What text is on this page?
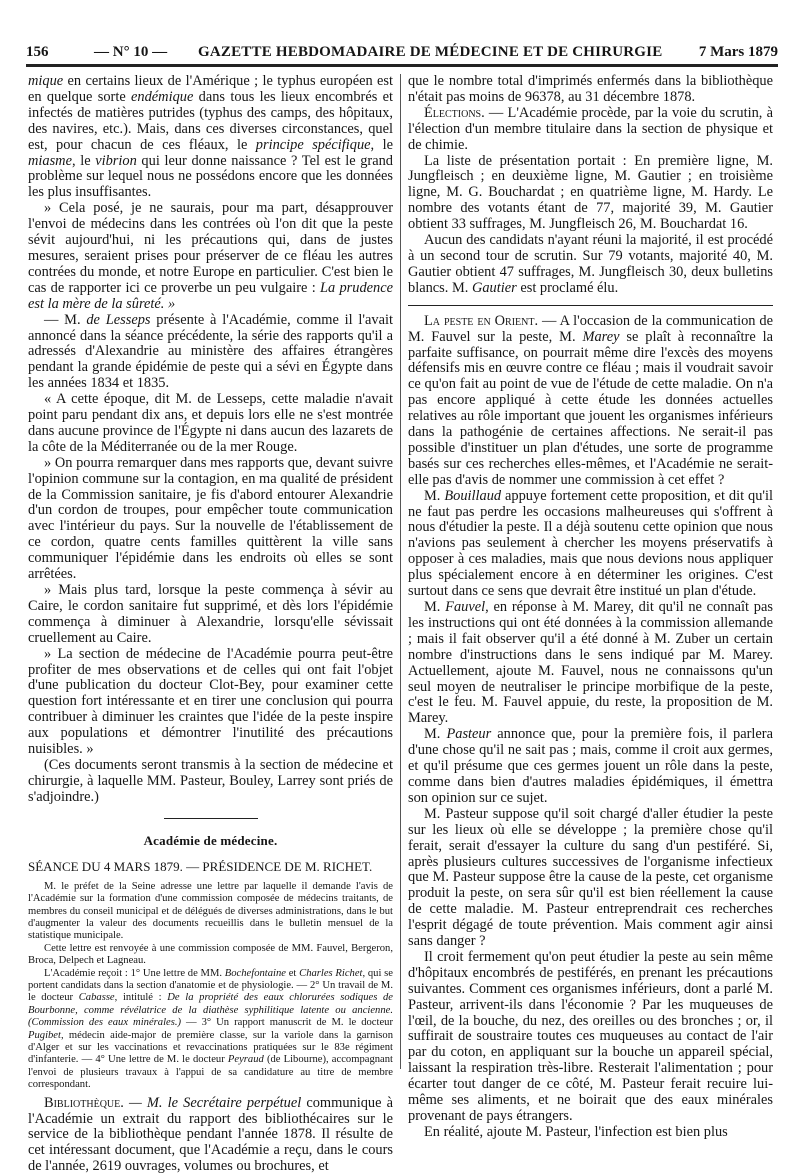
156	— N° 10 — GAZETTE HEBDOMADAIRE DE MÉDECINE ET DE CHIRURGIE 7 Mars 1879

mique en certains lieux de l'Amérique ; le typhus européen est en quelque sorte endémique dans tous les lieux encombrés et infectés de matières putrides (typhus des camps, des hôpitaux, des navires, etc.). Mais, dans ces diverses circonstances, quel est, pour chacun de ces fléaux, le principe spécifique, le miasme, le vibrion qui leur donne naissance ? Tel est le grand problème sur lequel nous ne possédons encore que les données les plus insuffisantes.

» Cela posé, je ne saurais, pour ma part, désapprouver l'envoi de médecins dans les contrées où l'on dit que la peste sévit aujourd'hui, ni les précautions qui, dans de justes mesures, seraient prises pour préserver de ce fléau les autres contrées du monde, et notre Europe en particulier. C'est bien le cas de rapporter ici ce proverbe un peu vulgaire : La prudence est la mère de la sûreté. »

— M. de Lesseps présente à l'Académie, comme il l'avait annoncé dans la séance précédente, la série des rapports qu'il a adressés d'Alexandrie au ministère des affaires étrangères pendant la grande épidémie de peste qui a sévi en Égypte dans les années 1834 et 1835.

« A cette époque, dit M. de Lesseps, cette maladie n'avait point paru pendant dix ans, et depuis lors elle ne s'est montrée dans aucune province de l'Égypte ni dans aucun des lazarets de la côte de la Méditerranée ou de la mer Rouge.

» On pourra remarquer dans mes rapports que, devant suivre l'opinion commune sur la contagion, en ma qualité de président de la Commission sanitaire, je fis d'abord entourer Alexandrie d'un cordon de troupes, pour empêcher toute communication avec l'intérieur du pays. Sur la nouvelle de l'établissement de ce cordon, quatre cents familles quittèrent la ville sans communiquer l'épidémie dans les endroits où elles se sont arrêtées.

» Mais plus tard, lorsque la peste commença à sévir au Caire, le cordon sanitaire fut supprimé, et dès lors l'épidémie commença à diminuer à Alexandrie, lorsqu'elle sévissait cruellement au Caire.

» La section de médecine de l'Académie pourra peut-être profiter de mes observations et de celles qui ont fait l'objet d'une publication du docteur Clot-Bey, pour examiner cette question fort intéressante et en tirer une conclusion qui pourra contribuer à diminuer les craintes que l'idée de la peste inspire aux populations et démontrer l'inutilité des précautions nuisibles. »

(Ces documents seront transmis à la section de médecine et chirurgie, à laquelle MM. Pasteur, Bouley, Larrey sont priés de s'adjoindre.)

Académie de médecine.

SÉANCE DU 4 MARS 1879. — PRÉSIDENCE DE M. RICHET.

M. le préfet de la Seine adresse une lettre par laquelle il demande l'avis de l'Académie sur la formation d'une commission composée de médecins traitants, de membres du conseil municipal et de délégués de diverses administrations, dans le but d'augmenter la valeur des documents recueillis dans le bulletin mensuel de la statistique municipale.

Cette lettre est renvoyée à une commission composée de MM. Fauvel, Bergeron, Broca, Delpech et Lagneau.

L'Académie reçoit : 1° Une lettre de MM. Bochefontaine et Charles Richet, qui se portent candidats dans la section d'anatomie et de physiologie. — 2° Un travail de M. le docteur Cabasse, intitulé : De la propriété des eaux chlorurées sodiques de Bourbonne, comme révélatrice de la diathèse syphilitique latente ou ancienne. (Commission des eaux minérales.) — 3° Un rapport manuscrit de M. le docteur Pugibet, médecin aide-major de première classe, sur la variole dans la garnison d'Alger et sur les vaccinations et revaccinations pratiquées sur le 83e régiment d'infanterie. — 4° Une lettre de M. le docteur Peyraud (de Libourne), accompagnant l'envoi de plusieurs travaux à l'appui de sa candidature au titre de membre correspondant.

Bibliothèque. — M. le Secrétaire perpétuel communique à l'Académie un extrait du rapport des bibliothécaires sur le service de la bibliothèque pendant l'année 1878. Il résulte de cet intéressant document, que l'Académie a reçu, dans le cours de l'année, 2619 ouvrages, volumes ou brochures, et

que le nombre total d'imprimés enfermés dans la bibliothèque n'était pas moins de 96378, au 31 décembre 1878.

Élections. — L'Académie procède, par la voie du scrutin, à l'élection d'un membre titulaire dans la section de physique et de chimie.

La liste de présentation portait : En première ligne, M. Jungfleisch ; en deuxième ligne, M. Gautier ; en troisième ligne, M. G. Bouchardat ; en quatrième ligne, M. Hardy. Le nombre des votants étant de 77, majorité 39, M. Gautier obtient 33 suffrages, M. Jungfleisch 26, M. Bouchardat 16.

Aucun des candidats n'ayant réuni la majorité, il est procédé à un second tour de scrutin. Sur 79 votants, majorité 40, M. Gautier obtient 47 suffrages, M. Jungfleisch 30, deux bulletins blancs. M. Gautier est proclamé élu.

La peste en Orient. — A l'occasion de la communication de M. Fauvel sur la peste, M. Marey se plaît à reconnaître la parfaite suffisance, on pourrait même dire l'excès des moyens défensifs mis en œuvre contre ce fléau ; mais il voudrait savoir ce qu'on fait au point de vue de l'étude de cette maladie. On n'a pas encore appliqué à cette étude les données actuelles relatives au rôle important que jouent les organismes inférieurs dans la pathogénie de certaines affections. Ne serait-il pas possible d'instituer un plan d'études, une sorte de programme basés sur ces recherches elles-mêmes, et l'Académie ne serait-elle pas d'avis de nommer une commission à cet effet ?

M. Bouillaud appuye fortement cette proposition, et dit qu'il ne faut pas perdre les occasions malheureuses qui s'offrent à nous d'étudier la peste. Il a déjà soutenu cette opinion que nous n'avions pas seulement à chercher les moyens préservatifs à opposer à ces maladies, mais que nous devions nous appliquer plus spécialement encore à en déterminer les origines. C'est surtout dans ce sens que devrait être institué un plan d'étude.

M. Fauvel, en réponse à M. Marey, dit qu'il ne connaît pas les instructions qui ont été données à la commission allemande ; mais il fait observer qu'il a été donné à M. Zuber un certain nombre d'instructions dans le sens indiqué par M. Marey. Actuellement, ajoute M. Fauvel, nous ne connaissons qu'un seul moyen de neutraliser le principe morbifique de la peste, c'est le feu. M. Fauvel appuie, du reste, la proposition de M. Marey.

M. Pasteur annonce que, pour la première fois, il parlera d'une chose qu'il ne sait pas ; mais, comme il croit aux germes, et qu'il présume que ces germes jouent un rôle dans la peste, comme dans bien d'autres maladies épidémiques, il émettra son opinion sur ce sujet.

M. Pasteur suppose qu'il soit chargé d'aller étudier la peste sur les lieux où elle se développe ; la première chose qu'il ferait, serait d'essayer la culture du sang d'un pestiféré. Si, après plusieurs cultures successives de l'organisme infectieux que M. Pasteur suppose être la cause de la peste, cet organisme produit la peste, on sera sûr qu'il est bien réellement la cause de cette maladie. M. Pasteur entreprendrait ces recherches l'esprit dégagé de toute prévention. Mais comment agir ainsi sans danger ?

Il croit fermement qu'on peut étudier la peste au sein même d'hôpitaux encombrés de pestiférés, en prenant les précautions suivantes. Comment ces organismes inférieurs, dont a parlé M. Pasteur, arrivent-ils dans l'économie ? Par les muqueuses de l'œil, de la bouche, du nez, des oreilles ou des bronches ; or, il suffirait de soustraire toutes ces muqueuses au contact de l'air par du coton, en appliquant sur la bouche un appareil spécial, laissant la respiration très-libre. Resterait l'alimentation ; pour écarter tout danger de ce côté, M. Pasteur ferait recuire lui-même ses aliments, et ne boirait que des eaux minérales provenant de pays étrangers.

En réalité, ajoute M. Pasteur, l'infection est bien plus
